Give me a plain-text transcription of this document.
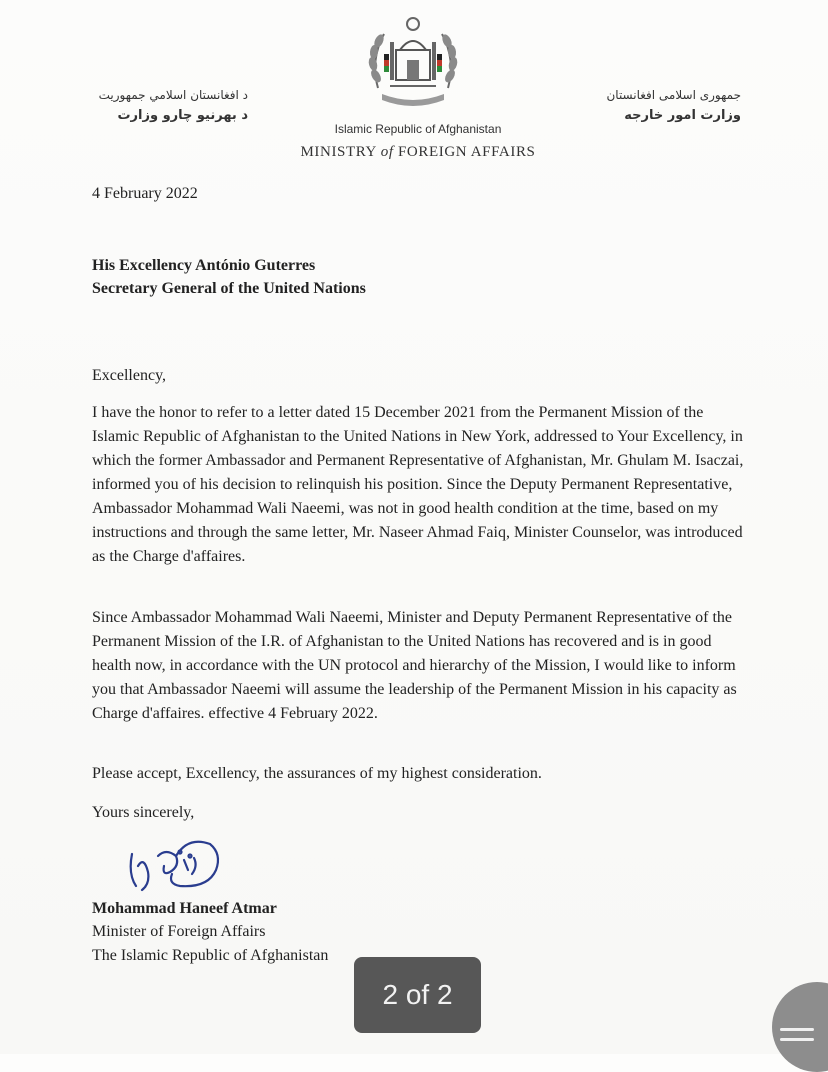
د افغانستان اسلامي جمهوریت
د بهرنیو چارو وزارت
جمهوری اسلامی افغانستان
وزارت امور خارجه
Islamic Republic of Afghanistan
MINISTRY of FOREIGN AFFAIRS
4 February 2022
His Excellency António Guterres
Secretary General of the United Nations
Excellency,
I have the honor to refer to a letter dated 15 December 2021 from the Permanent Mission of the Islamic Republic of Afghanistan to the United Nations in New York, addressed to Your Excellency, in which the former Ambassador and Permanent Representative of Afghanistan, Mr. Ghulam M. Isaczai, informed you of his decision to relinquish his position. Since the Deputy Permanent Representative, Ambassador Mohammad Wali Naeemi, was not in good health condition at the time, based on my instructions and through the same letter, Mr. Naseer Ahmad Faiq, Minister Counselor, was introduced as the Charge d'affaires.
Since Ambassador Mohammad Wali Naeemi, Minister and Deputy Permanent Representative of the Permanent Mission of the I.R. of Afghanistan to the United Nations has recovered and is in good health now, in accordance with the UN protocol and hierarchy of the Mission, I would like to inform you that Ambassador Naeemi will assume the leadership of the Permanent Mission in his capacity as Charge d'affaires. effective 4 February 2022.
Please accept, Excellency, the assurances of my highest consideration.
Yours sincerely,
Mohammad Haneef Atmar
Minister of Foreign Affairs
The Islamic Republic of Afghanistan
2 of 2
